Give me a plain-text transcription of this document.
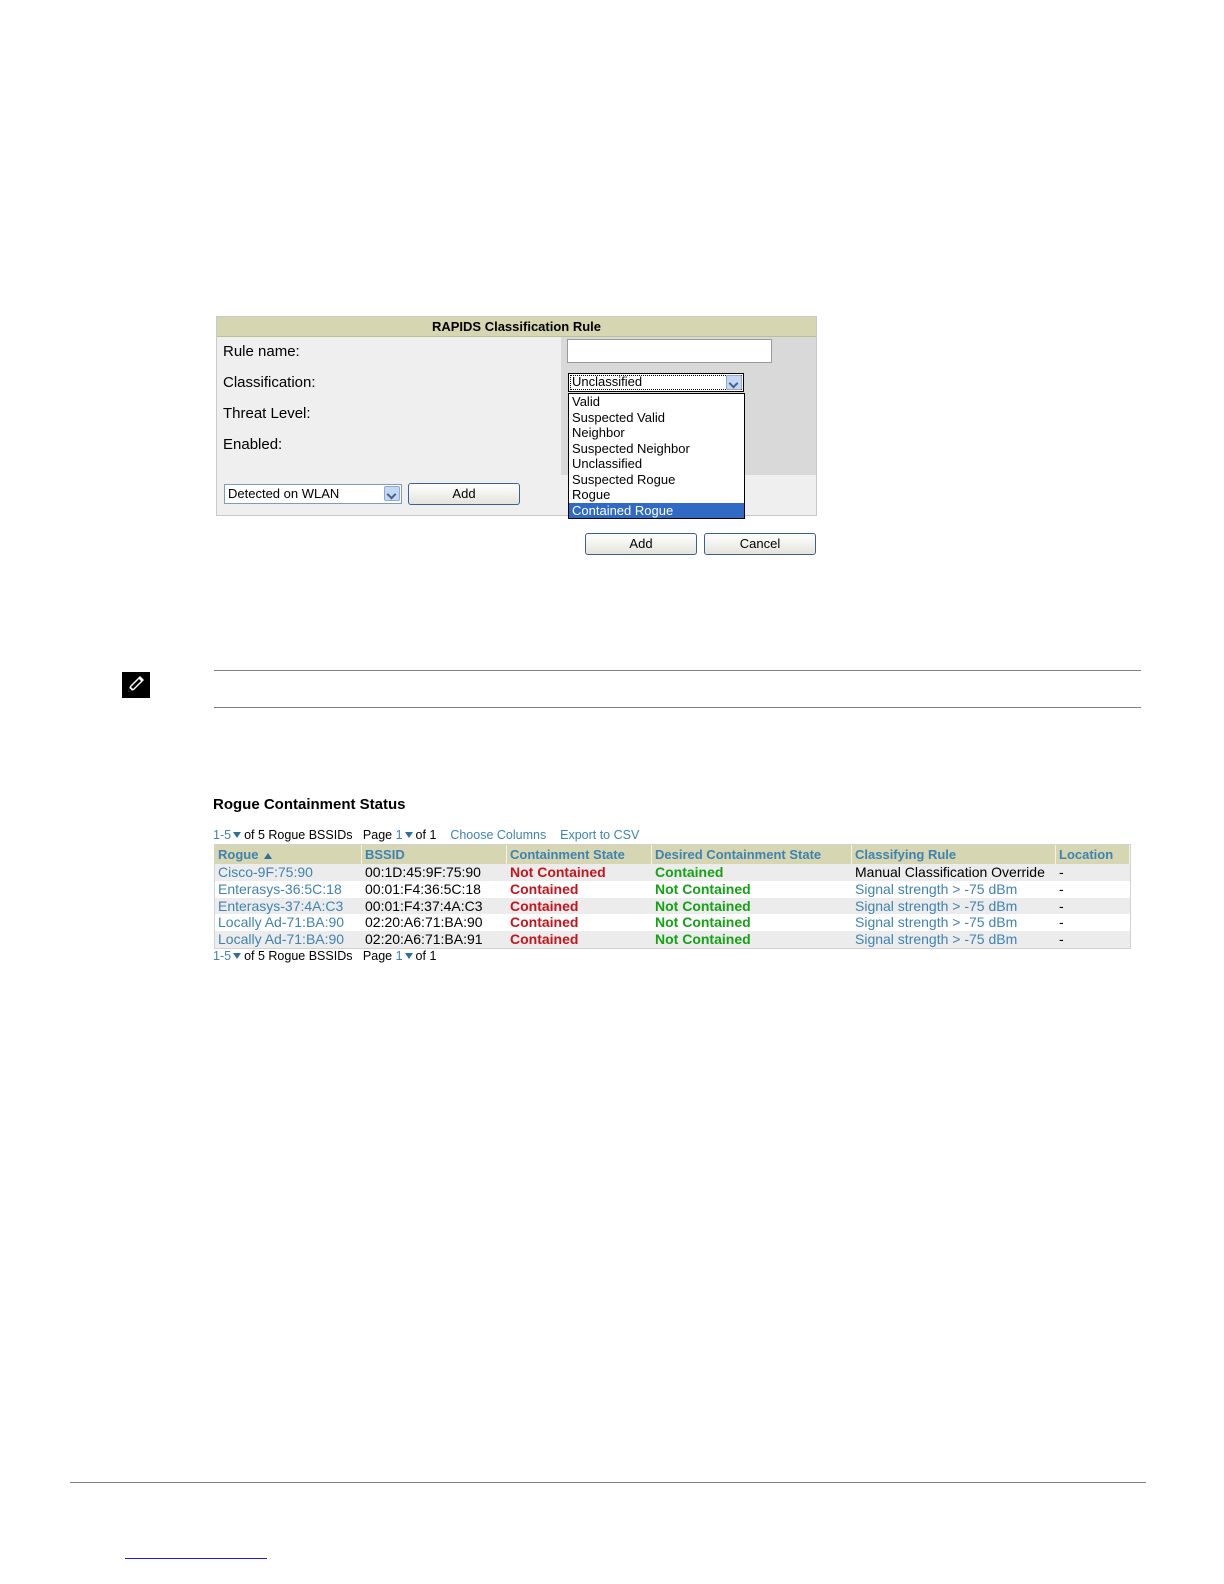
RAPIDS Classification Rule
Rule name:
Classification:
Threat Level:
Enabled:
Unclassified
Valid
Suspected Valid
Neighbor
Suspected Neighbor
Unclassified
Suspected Rogue
Rogue
Contained Rogue
Detected on WLAN	Add
Add	Cancel
Rogue Containment Status
1-5 of 5 Rogue BSSIDs Page 1 of 1 Choose Columns Export to CSV
Rogue	BSSID	Containment State	Desired Containment State	Classifying Rule	Location
Cisco-9F:75:90	00:1D:45:9F:75:90	Not Contained	Contained	Manual Classification Override	-
Enterasys-36:5C:18	00:01:F4:36:5C:18	Contained	Not Contained	Signal strength > -75 dBm	-
Enterasys-37:4A:C3	00:01:F4:37:4A:C3	Contained	Not Contained	Signal strength > -75 dBm	-
Locally Ad-71:BA:90	02:20:A6:71:BA:90	Contained	Not Contained	Signal strength > -75 dBm	-
Locally Ad-71:BA:90	02:20:A6:71:BA:91	Contained	Not Contained	Signal strength > -75 dBm	-
1-5 of 5 Rogue BSSIDs Page 1 of 1
